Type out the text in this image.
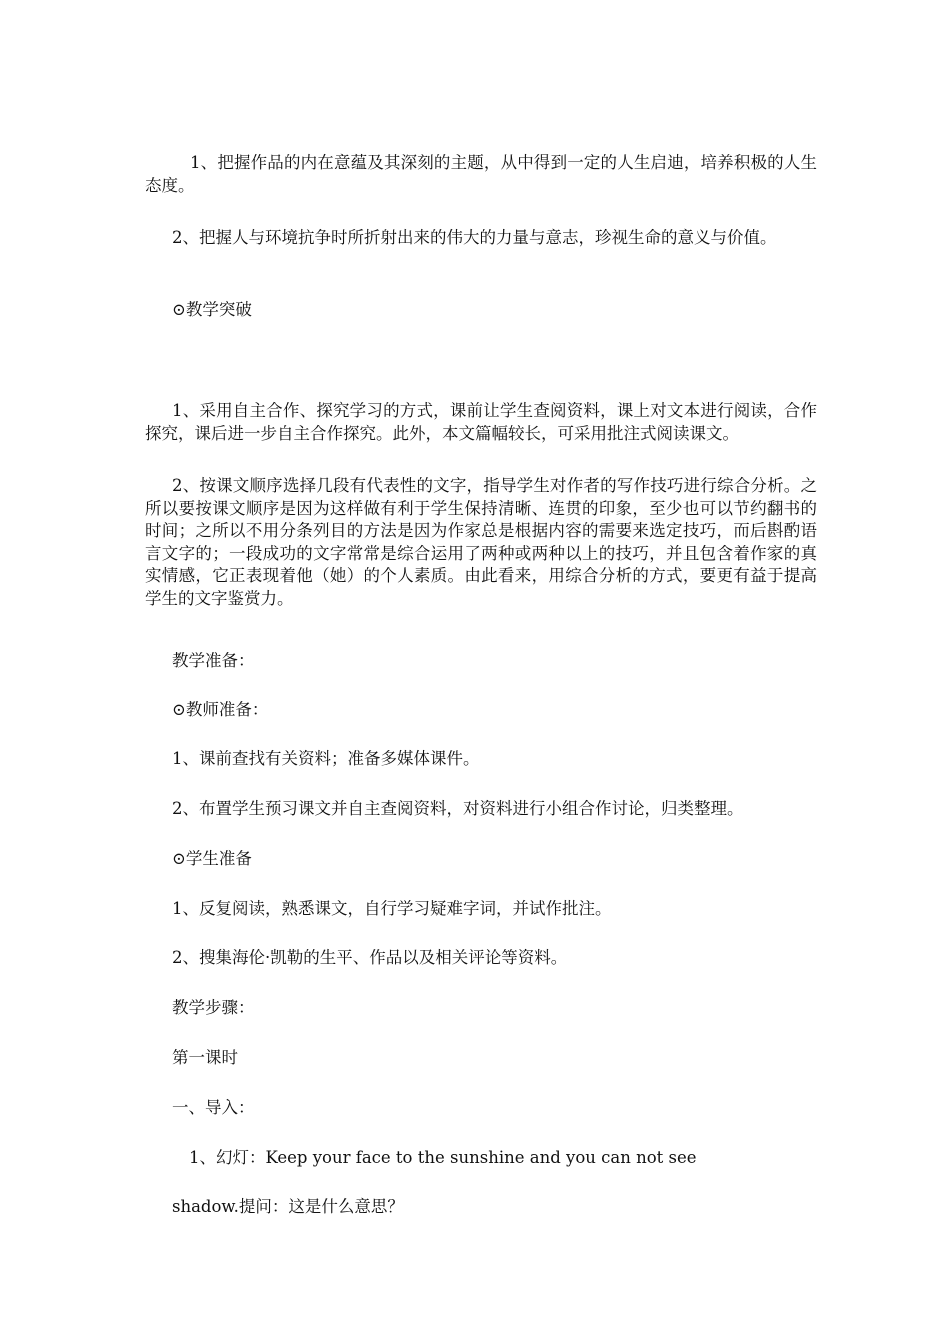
1、把握作品的内在意蕴及其深刻的主题，从中得到一定的人生启迪，培养积极的人生态度。

2、把握人与环境抗争时所折射出来的伟大的力量与意志，珍视生命的意义与价值。

⊙教学突破

1、采用自主合作、探究学习的方式，课前让学生查阅资料，课上对文本进行阅读，合作探究，课后进一步自主合作探究。此外，本文篇幅较长，可采用批注式阅读课文。

2、按课文顺序选择几段有代表性的文字，指导学生对作者的写作技巧进行综合分析。之所以要按课文顺序是因为这样做有利于学生保持清晰、连贯的印象，至少也可以节约翻书的时间；之所以不用分条列目的方法是因为作家总是根据内容的需要来选定技巧，而后斟酌语言文字的；一段成功的文字常常是综合运用了两种或两种以上的技巧，并且包含着作家的真实情感，它正表现着他（她）的个人素质。由此看来，用综合分析的方式，要更有益于提高学生的文字鉴赏力。

教学准备：

⊙教师准备：

1、课前查找有关资料；准备多媒体课件。

2、布置学生预习课文并自主查阅资料，对资料进行小组合作讨论，归类整理。

⊙学生准备

1、反复阅读，熟悉课文，自行学习疑难字词，并试作批注。

2、搜集海伦·凯勒的生平、作品以及相关评论等资料。

教学步骤：

第一课时

一、导入：

1、幻灯：Keep your face to the sunshine and you can not see

shadow.提问：这是什么意思？
